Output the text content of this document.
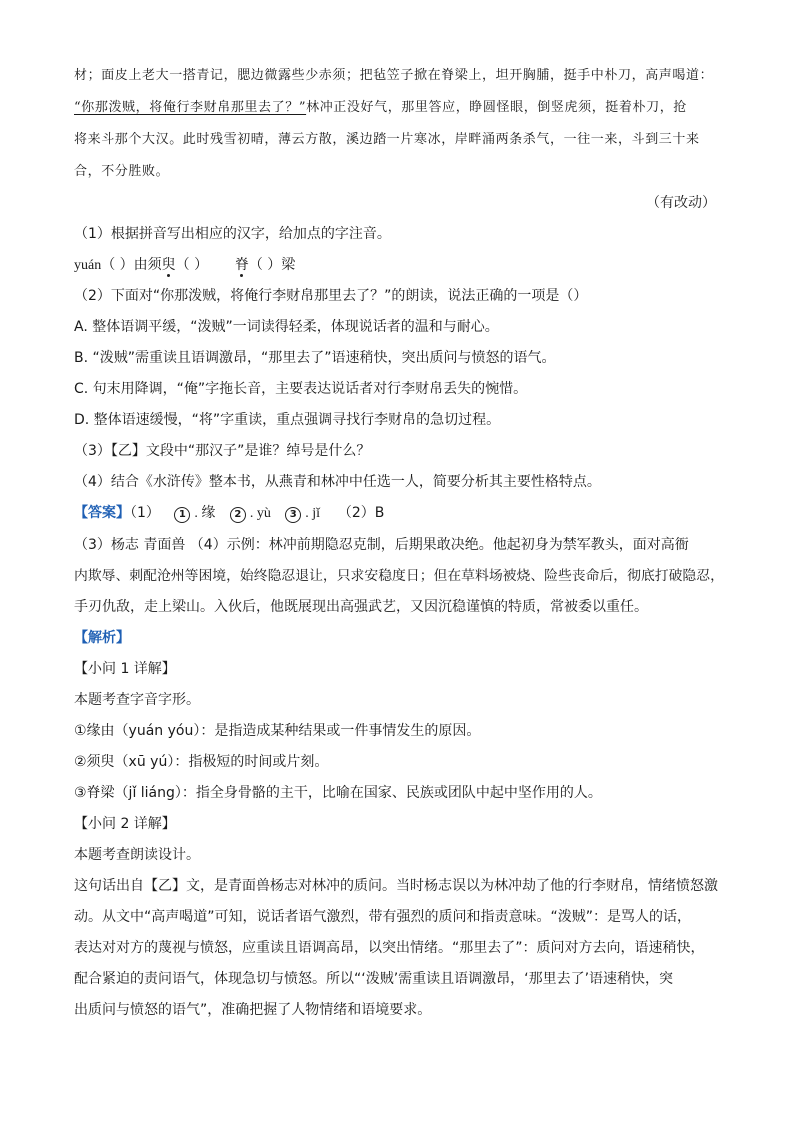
材；面皮上老大一搭青记，腮边微露些少赤须；把毡笠子掀在脊梁上，坦开胸脯，挺手中朴刀，高声喝道：
“你那泼贼，将俺行李财帛那里去了？”林冲正没好气，那里答应，睁圆怪眼，倒竖虎须，挺着朴刀，抢
将来斗那个大汉。此时残雪初晴，薄云方散，溪边踏一片寒冰，岸畔涌两条杀气，一往一来，斗到三十来
合，不分胜败。
（有改动）
（1）根据拼音写出相应的汉字，给加点的字注音。
yuán（ ）由须臾
（ ） 脊
（ ）梁
（2）下面对“你那泼贼，将俺行李财帛那里去了？”的朗读，说法正确的一项是（）
A. 整体语调平缓，“泼贼”一词读得轻柔，体现说话者的温和与耐心。
B. “泼贼”需重读且语调激昂，“那里去了”语速稍快，突出质问与愤怒的语气。
C. 句末用降调，“俺”字拖长音，主要表达说话者对行李财帛丢失的惋惜。
D. 整体语速缓慢，“将”字重读，重点强调寻找行李财帛的急切过程。
（3）【乙】文段中“那汉子”是谁？绰号是什么？
（4）结合《水浒传》整本书，从燕青和林冲中任选一人，简要分析其主要性格特点。
【答案】（1） 1 . 缘 2 . yù 3 . jǐ （2）B
（3）杨志 青面兽 （4）示例：林冲前期隐忍克制，后期果敢决绝。他起初身为禁军教头，面对高衙
内欺辱、刺配沧州等困境，始终隐忍退让，只求安稳度日；但在草料场被烧、险些丧命后，彻底打破隐忍，
手刃仇敌，走上梁山。入伙后，他既展现出高强武艺，又因沉稳谨慎的特质，常被委以重任。
【解析】
【小问 1 详解】
本题考查字音字形。
①缘由（yuán yóu）：是指造成某种结果或一件事情发生的原因。
②须臾（xū yú）：指极短的时间或片刻。
③脊梁（jǐ liáng）：指全身骨骼的主干，比喻在国家、民族或团队中起中坚作用的人。
【小问 2 详解】
本题考查朗读设计。
这句话出自【乙】文，是青面兽杨志对林冲的质问。当时杨志误以为林冲劫了他的行李财帛，情绪愤怒激
动。从文中“高声喝道”可知，说话者语气激烈，带有强烈的质问和指责意味。“泼贼”：是骂人的话，
表达对对方的蔑视与愤怒，应重读且语调高昂，以突出情绪。“那里去了”：质问对方去向，语速稍快，
配合紧迫的责问语气，体现急切与愤怒。所以“‘泼贼’需重读且语调激昂，‘那里去了’语速稍快，突
出质问与愤怒的语气”，准确把握了人物情绪和语境要求。
